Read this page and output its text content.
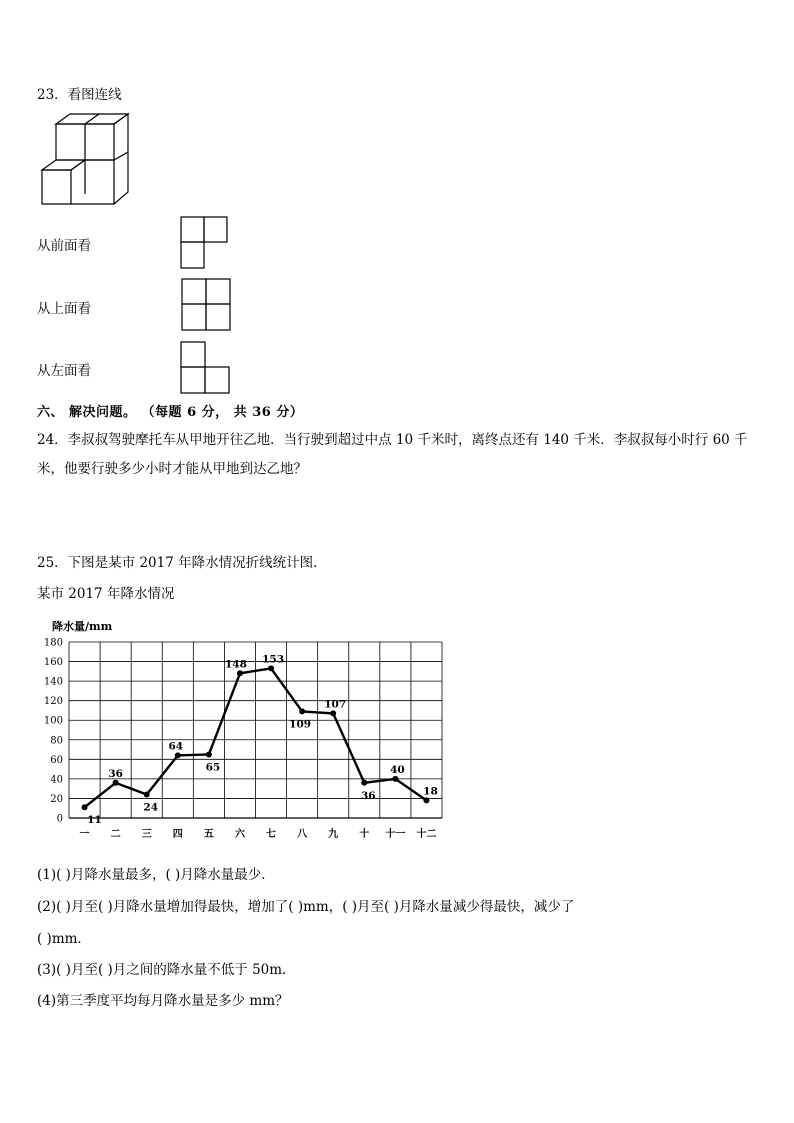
23．看图连线
从前面看
从上面看
从左面看
六、 解决问题。 （每题 6 分， 共 36 分）
24．李叔叔驾驶摩托车从甲地开往乙地．当行驶到超过中点 10 千米时，离终点还有 140 千米．李叔叔每小时行 60 千
米，他要行驶多少小时才能从甲地到达乙地？
25．下图是某市 2017 年降水情况折线统计图．
某市 2017 年降水情况
降水量/mm
0
20
40
60
80
100
120
140
160
180
一 二 三 四 五 六 七 八 九 十 十一 十二
11
36
24
64
65
148 153
109
107
36
40
18
(1)( )月降水量最多，( )月降水量最少．
(2)( )月至( )月降水量增加得最快，增加了( )mm，( )月至( )月降水量减少得最快，减少了
( )mm．
(3)( )月至( )月之间的降水量不低于 50m．
(4)第三季度平均每月降水量是多少 mm？
